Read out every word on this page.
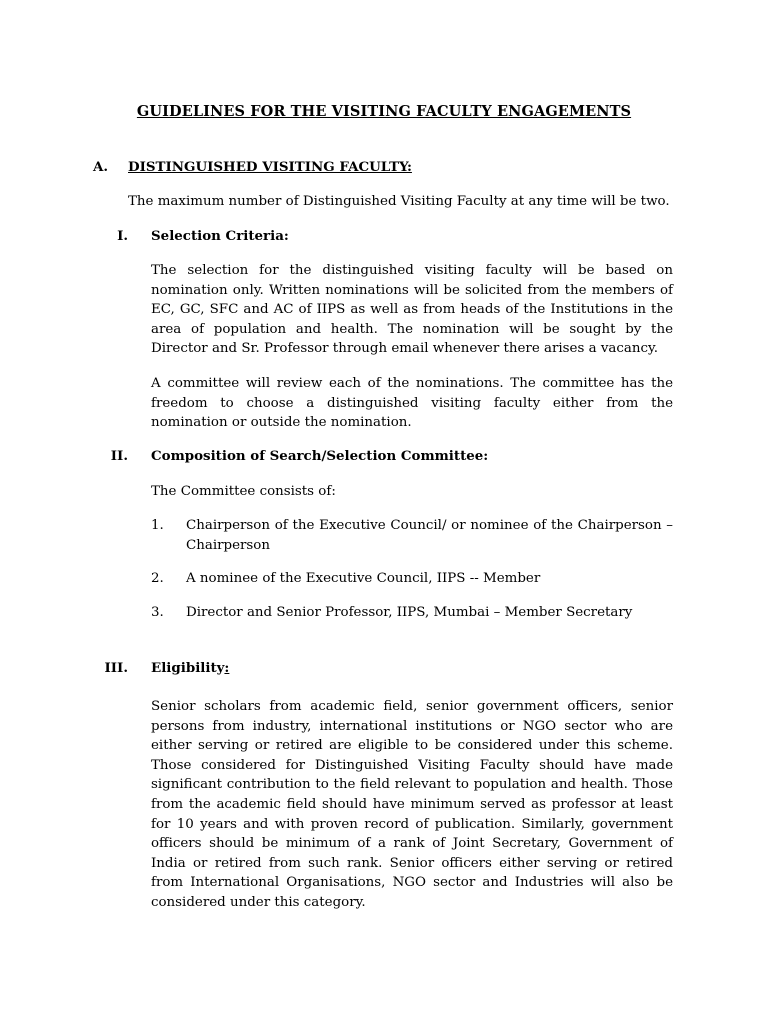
GUIDELINES FOR THE VISITING FACULTY ENGAGEMENTS
A. DISTINGUISHED VISITING FACULTY:
The maximum number of Distinguished Visiting Faculty at any time will be two.
I. Selection Criteria:
The selection for the distinguished visiting faculty will be based on nomination only. Written nominations will be solicited from the members of EC, GC, SFC and AC of IIPS as well as from heads of the Institutions in the area of population and health. The nomination will be sought by the Director and Sr. Professor through email whenever there arises a vacancy.
A committee will review each of the nominations. The committee has the freedom to choose a distinguished visiting faculty either from the nomination or outside the nomination.
II. Composition of Search/Selection Committee:
The Committee consists of:
1. Chairperson of the Executive Council/ or nominee of the Chairperson – Chairperson
2. A nominee of the Executive Council, IIPS -- Member
3. Director and Senior Professor, IIPS, Mumbai – Member Secretary
III. Eligibility:
Senior scholars from academic field, senior government officers, senior persons from industry, international institutions or NGO sector who are either serving or retired are eligible to be considered under this scheme. Those considered for Distinguished Visiting Faculty should have made significant contribution to the field relevant to population and health. Those from the academic field should have minimum served as professor at least for 10 years and with proven record of publication. Similarly, government officers should be minimum of a rank of Joint Secretary, Government of India or retired from such rank. Senior officers either serving or retired from International Organisations, NGO sector and Industries will also be considered under this category.
